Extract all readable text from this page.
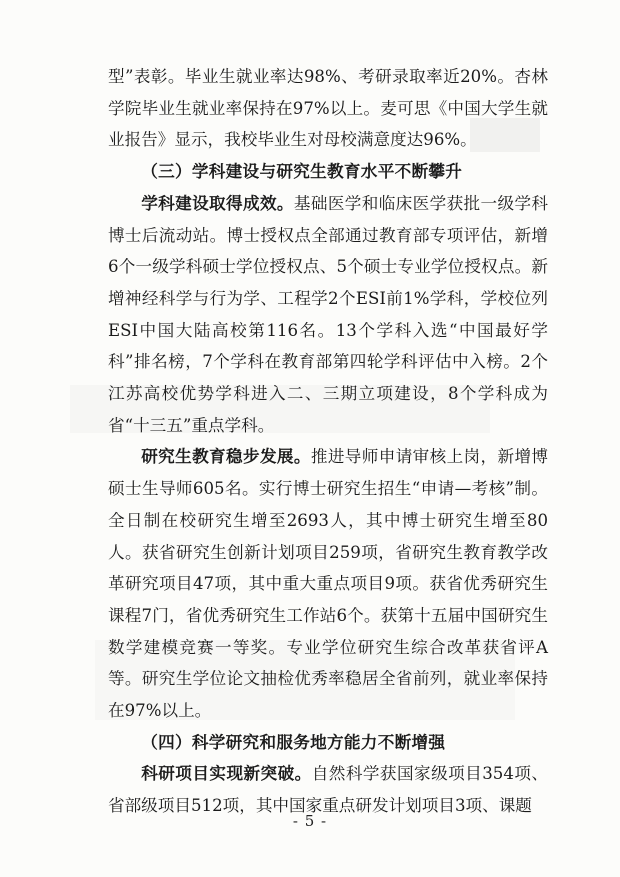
型”表彰。毕业生就业率达98%、考研录取率近20%。杏林学院毕业生就业率保持在97%以上。麦可思《中国大学生就业报告》显示，我校毕业生对母校满意度达96%。

（三）学科建设与研究生教育水平不断攀升

学科建设取得成效。基础医学和临床医学获批一级学科博士后流动站。博士授权点全部通过教育部专项评估，新增6个一级学科硕士学位授权点、5个硕士专业学位授权点。新增神经科学与行为学、工程学2个ESI前1%学科，学校位列ESI中国大陆高校第116名。13个学科入选“中国最好学科”排名榜，7个学科在教育部第四轮学科评估中入榜。2个江苏高校优势学科进入二、三期立项建设，8个学科成为省“十三五”重点学科。

研究生教育稳步发展。推进导师申请审核上岗，新增博硕士生导师605名。实行博士研究生招生“申请—考核”制。全日制在校研究生增至2693人，其中博士研究生增至80人。获省研究生创新计划项目259项，省研究生教育教学改革研究项目47项，其中重大重点项目9项。获省优秀研究生课程7门，省优秀研究生工作站6个。获第十五届中国研究生数学建模竞赛一等奖。专业学位研究生综合改革获省评A等。研究生学位论文抽检优秀率稳居全省前列，就业率保持在97%以上。

（四）科学研究和服务地方能力不断增强

科研项目实现新突破。自然科学获国家级项目354项、省部级项目512项，其中国家重点研发计划项目3项、课题

- 5 -
